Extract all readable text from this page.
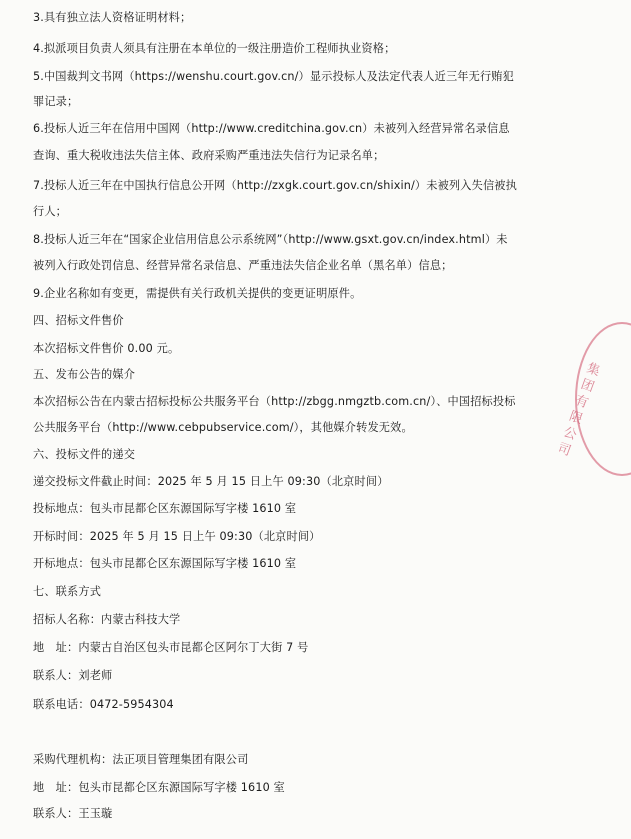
3.具有独立法人资格证明材料；
4.拟派项目负责人须具有注册在本单位的一级注册造价工程师执业资格；
5.中国裁判文书网（https://wenshu.court.gov.cn/）显示投标人及法定代表人近三年无行贿犯
罪记录；
6.投标人近三年在信用中国网（http://www.creditchina.gov.cn）未被列入经营异常名录信息
查询、重大税收违法失信主体、政府采购严重违法失信行为记录名单；
7.投标人近三年在中国执行信息公开网（http://zxgk.court.gov.cn/shixin/）未被列入失信被执
行人；
8.投标人近三年在“国家企业信用信息公示系统网”（http://www.gsxt.gov.cn/index.html）未
被列入行政处罚信息、经营异常名录信息、严重违法失信企业名单（黑名单）信息；
9.企业名称如有变更，需提供有关行政机关提供的变更证明原件。
四、招标文件售价
本次招标文件售价 0.00 元。
五、发布公告的媒介
本次招标公告在内蒙古招标投标公共服务平台（http://zbgg.nmgztb.com.cn/）、中国招标投标
公共服务平台（http://www.cebpubservice.com/），其他媒介转发无效。
六、投标文件的递交
递交投标文件截止时间：2025 年 5 月 15 日上午 09:30（北京时间）
投标地点：包头市昆都仑区东源国际写字楼 1610 室
开标时间：2025 年 5 月 15 日上午 09:30（北京时间）
开标地点：包头市昆都仑区东源国际写字楼 1610 室
七、联系方式
招标人名称：内蒙古科技大学
地　址：内蒙古自治区包头市昆都仑区阿尔丁大街 7 号
联系人：刘老师
联系电话：0472-5954304
采购代理机构：法正项目管理集团有限公司
地　址：包头市昆都仑区东源国际写字楼 1610 室
联系人：王玉璇
集
团
有
限
公
司
